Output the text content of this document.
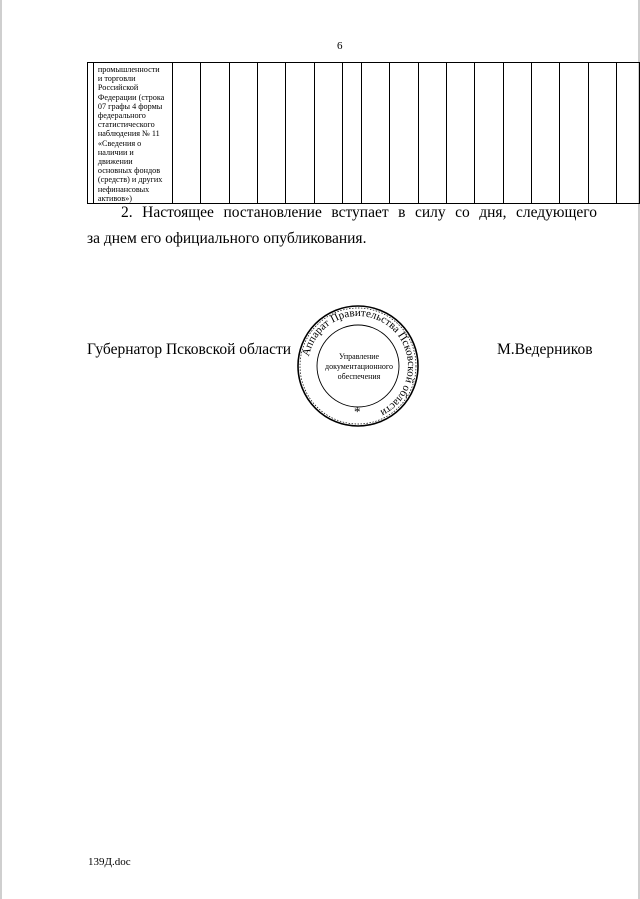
6

промышленности
и торговли
Российской
Федерации (строка
07 графы 4 формы
федерального
статистического
наблюдения № 11
«Сведения о
наличии и
движении
основных фондов
(средств) и других
нефинансовых
активов»)

2. Настоящее постановление вступает в силу со дня, следующего
за днем его официального опубликования.
Губернатор Псковской области Аппарат Правительства Псковской области
Управление
документационного
обеспечения
*
М.Ведерников
139Д.doc
